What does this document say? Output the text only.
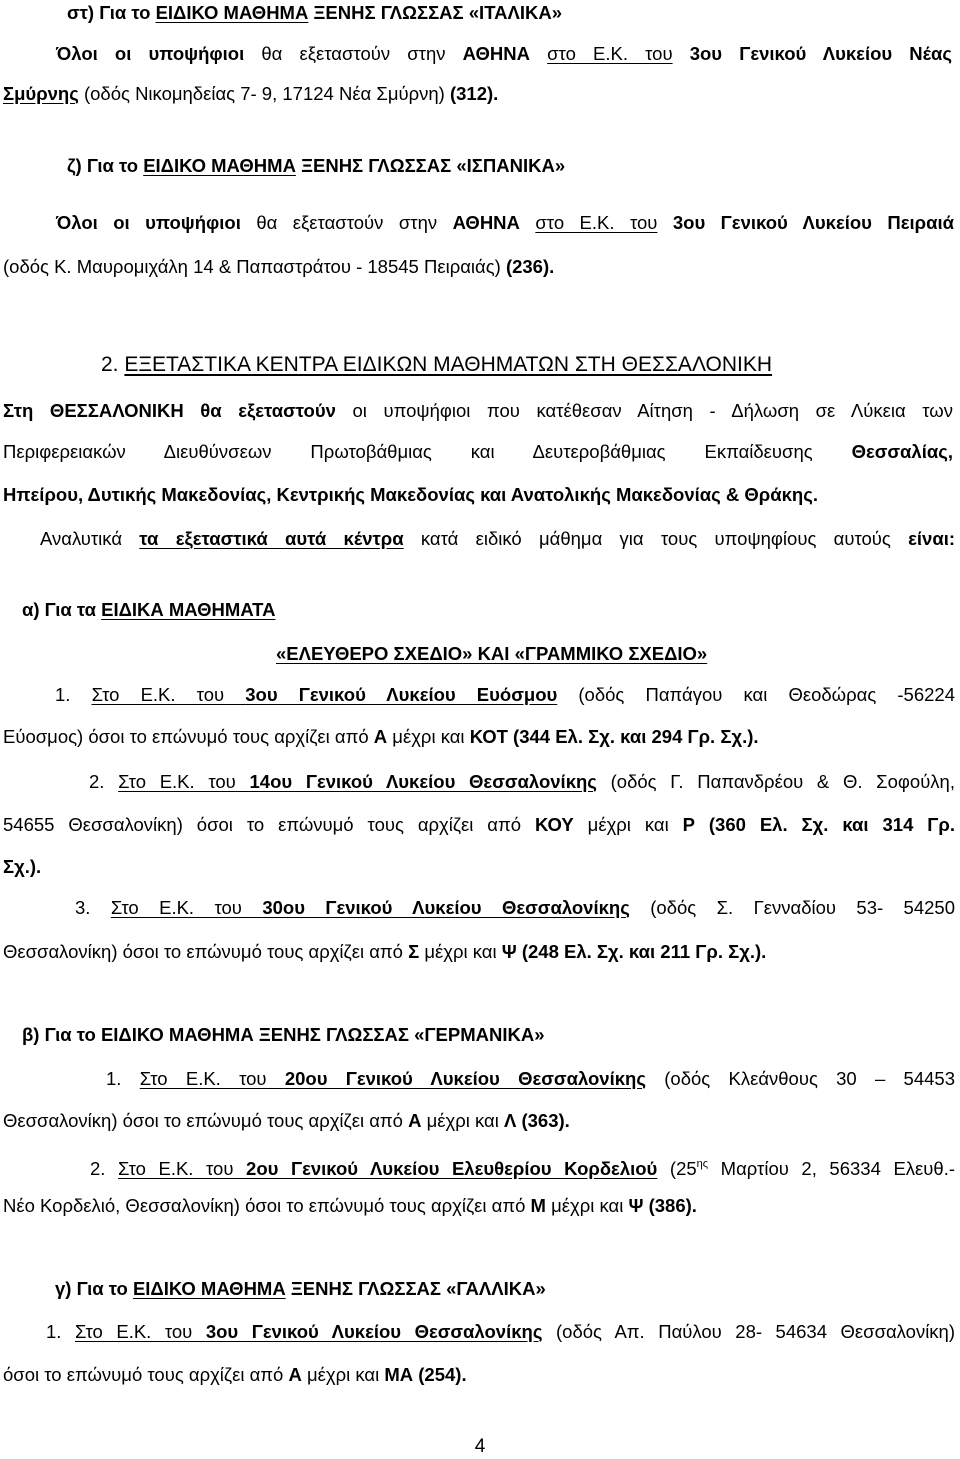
στ) Για το ΕΙΔΙΚΟ ΜΑΘΗΜΑ ΞΕΝΗΣ ΓΛΩΣΣΑΣ «ΙΤΑΛΙΚΑ»
Όλοι οι υποψήφιοι θα εξεταστούν στην ΑΘΗΝΑ στο Ε.Κ. του 3ου Γενικού Λυκείου Νέας
Σμύρνης (οδός Νικομηδείας 7- 9, 17124 Νέα Σμύρνη) (312).
ζ) Για το ΕΙΔΙΚΟ ΜΑΘΗΜΑ ΞΕΝΗΣ ΓΛΩΣΣΑΣ «ΙΣΠΑΝΙΚΑ»
Όλοι οι υποψήφιοι θα εξεταστούν στην ΑΘΗΝΑ στο Ε.Κ. του 3ου Γενικού Λυκείου Πειραιά
(οδός Κ. Μαυρομιχάλη 14 & Παπαστράτου - 18545 Πειραιάς) (236).
2. ΕΞΕΤΑΣΤΙΚΑ ΚΕΝΤΡΑ ΕΙΔΙΚΩΝ ΜΑΘΗΜΑΤΩΝ ΣΤΗ ΘΕΣΣΑΛΟΝΙΚΗ
Στη ΘΕΣΣΑΛΟΝΙΚΗ θα εξεταστούν οι υποψήφιοι που κατέθεσαν Αίτηση - Δήλωση σε Λύκεια των
Περιφερειακών Διευθύνσεων Πρωτοβάθμιας και Δευτεροβάθμιας Εκπαίδευσης Θεσσαλίας,
Ηπείρου, Δυτικής Μακεδονίας, Κεντρικής Μακεδονίας και Ανατολικής Μακεδονίας & Θράκης.
Αναλυτικά τα εξεταστικά αυτά κέντρα κατά ειδικό μάθημα για τους υποψηφίους αυτούς είναι:
α) Για τα ΕΙΔΙΚΑ ΜΑΘΗΜΑΤΑ
«ΕΛΕΥΘΕΡΟ ΣΧΕΔΙΟ» ΚΑΙ «ΓΡΑΜΜΙΚΟ ΣΧΕΔΙΟ»
1. Στο Ε.Κ. του 3ου Γενικού Λυκείου Ευόσμου (οδός Παπάγου και Θεοδώρας -56224
Εύοσμος) όσοι το επώνυμό τους αρχίζει από Α μέχρι και ΚΟΤ (344 Ελ. Σχ. και 294 Γρ. Σχ.).
2. Στο Ε.Κ. του 14ου Γενικού Λυκείου Θεσσαλονίκης (οδός Γ. Παπανδρέου & Θ. Σοφούλη,
54655 Θεσσαλονίκη) όσοι το επώνυμό τους αρχίζει από ΚΟΥ μέχρι και Ρ (360 Ελ. Σχ. και 314 Γρ.
Σχ.).
3. Στο Ε.Κ. του 30ου Γενικού Λυκείου Θεσσαλονίκης (οδός Σ. Γενναδίου 53- 54250
Θεσσαλονίκη) όσοι το επώνυμό τους αρχίζει από Σ μέχρι και Ψ (248 Ελ. Σχ. και 211 Γρ. Σχ.).
β) Για το ΕΙΔΙΚΟ ΜΑΘΗΜΑ ΞΕΝΗΣ ΓΛΩΣΣΑΣ «ΓΕΡΜΑΝΙΚΑ»
1. Στο Ε.Κ. του 20ου Γενικού Λυκείου Θεσσαλονίκης (οδός Κλεάνθους 30 – 54453
Θεσσαλονίκη) όσοι το επώνυμό τους αρχίζει από Α μέχρι και Λ (363).
2. Στο Ε.Κ. του 2ου Γενικού Λυκείου Ελευθερίου Κορδελιού ($25^{\eta\varsigma}$ Μαρτίου 2, 56334 Ελευθ.-
Νέο Κορδελιό, Θεσσαλονίκη) όσοι το επώνυμό τους αρχίζει από Μ μέχρι και Ψ (386).
γ) Για το ΕΙΔΙΚΟ ΜΑΘΗΜΑ ΞΕΝΗΣ ΓΛΩΣΣΑΣ «ΓΑΛΛΙΚΑ»
1. Στο Ε.Κ. του 3ου Γενικού Λυκείου Θεσσαλονίκης (οδός Απ. Παύλου 28- 54634 Θεσσαλονίκη)
όσοι το επώνυμό τους αρχίζει από Α μέχρι και ΜΑ (254).
4
